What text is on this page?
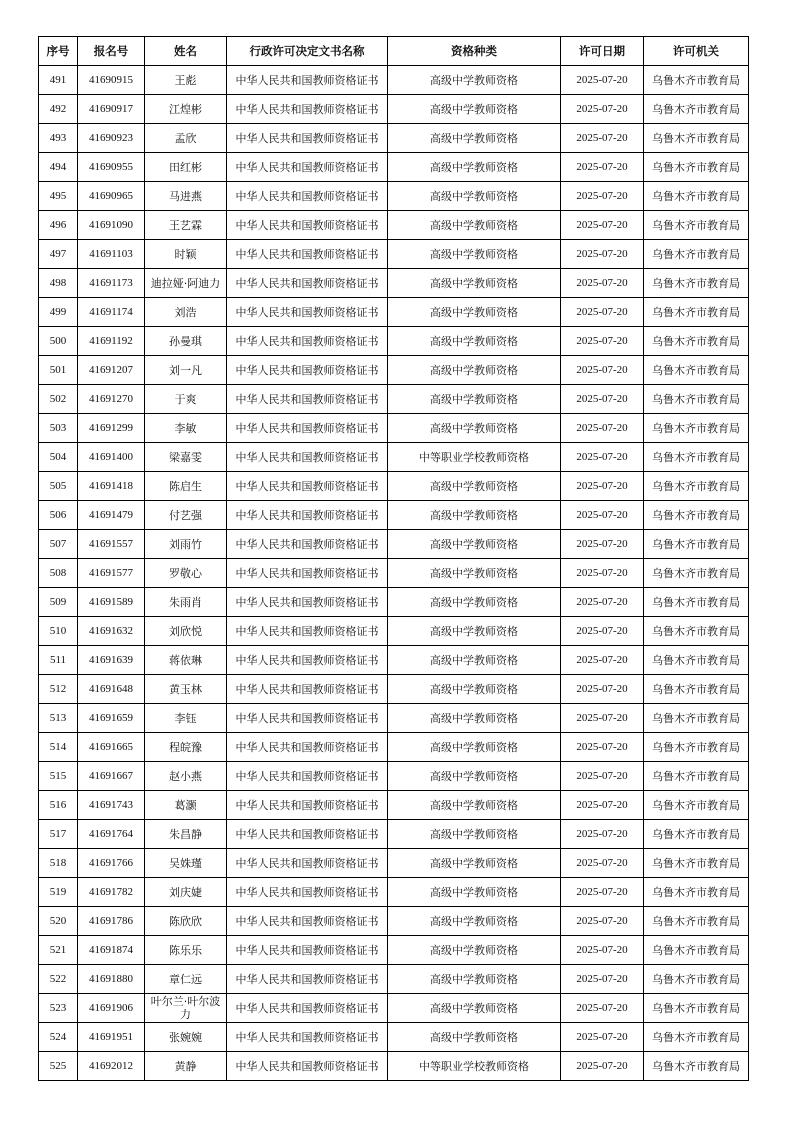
序号	报名号	姓名	行政许可决定文书名称	资格种类	许可日期	许可机关
491	41690915	王彪	中华人民共和国教师资格证书	高级中学教师资格	2025-07-20	乌鲁木齐市教育局
492	41690917	江煌彬	中华人民共和国教师资格证书	高级中学教师资格	2025-07-20	乌鲁木齐市教育局
493	41690923	孟欣	中华人民共和国教师资格证书	高级中学教师资格	2025-07-20	乌鲁木齐市教育局
494	41690955	田红彬	中华人民共和国教师资格证书	高级中学教师资格	2025-07-20	乌鲁木齐市教育局
495	41690965	马进燕	中华人民共和国教师资格证书	高级中学教师资格	2025-07-20	乌鲁木齐市教育局
496	41691090	王艺霖	中华人民共和国教师资格证书	高级中学教师资格	2025-07-20	乌鲁木齐市教育局
497	41691103	时颖	中华人民共和国教师资格证书	高级中学教师资格	2025-07-20	乌鲁木齐市教育局
498	41691173	迪拉娅·阿迪力	中华人民共和国教师资格证书	高级中学教师资格	2025-07-20	乌鲁木齐市教育局
499	41691174	刘浩	中华人民共和国教师资格证书	高级中学教师资格	2025-07-20	乌鲁木齐市教育局
500	41691192	孙曼琪	中华人民共和国教师资格证书	高级中学教师资格	2025-07-20	乌鲁木齐市教育局
501	41691207	刘一凡	中华人民共和国教师资格证书	高级中学教师资格	2025-07-20	乌鲁木齐市教育局
502	41691270	于爽	中华人民共和国教师资格证书	高级中学教师资格	2025-07-20	乌鲁木齐市教育局
503	41691299	李敏	中华人民共和国教师资格证书	高级中学教师资格	2025-07-20	乌鲁木齐市教育局
504	41691400	梁嘉雯	中华人民共和国教师资格证书	中等职业学校教师资格	2025-07-20	乌鲁木齐市教育局
505	41691418	陈启生	中华人民共和国教师资格证书	高级中学教师资格	2025-07-20	乌鲁木齐市教育局
506	41691479	付艺强	中华人民共和国教师资格证书	高级中学教师资格	2025-07-20	乌鲁木齐市教育局
507	41691557	刘雨竹	中华人民共和国教师资格证书	高级中学教师资格	2025-07-20	乌鲁木齐市教育局
508	41691577	罗敬心	中华人民共和国教师资格证书	高级中学教师资格	2025-07-20	乌鲁木齐市教育局
509	41691589	朱雨肖	中华人民共和国教师资格证书	高级中学教师资格	2025-07-20	乌鲁木齐市教育局
510	41691632	刘欣悦	中华人民共和国教师资格证书	高级中学教师资格	2025-07-20	乌鲁木齐市教育局
511	41691639	蒋依琳	中华人民共和国教师资格证书	高级中学教师资格	2025-07-20	乌鲁木齐市教育局
512	41691648	黄玉林	中华人民共和国教师资格证书	高级中学教师资格	2025-07-20	乌鲁木齐市教育局
513	41691659	李钰	中华人民共和国教师资格证书	高级中学教师资格	2025-07-20	乌鲁木齐市教育局
514	41691665	程皖豫	中华人民共和国教师资格证书	高级中学教师资格	2025-07-20	乌鲁木齐市教育局
515	41691667	赵小燕	中华人民共和国教师资格证书	高级中学教师资格	2025-07-20	乌鲁木齐市教育局
516	41691743	葛灏	中华人民共和国教师资格证书	高级中学教师资格	2025-07-20	乌鲁木齐市教育局
517	41691764	朱昌静	中华人民共和国教师资格证书	高级中学教师资格	2025-07-20	乌鲁木齐市教育局
518	41691766	吴姝瑾	中华人民共和国教师资格证书	高级中学教师资格	2025-07-20	乌鲁木齐市教育局
519	41691782	刘庆婕	中华人民共和国教师资格证书	高级中学教师资格	2025-07-20	乌鲁木齐市教育局
520	41691786	陈欣欣	中华人民共和国教师资格证书	高级中学教师资格	2025-07-20	乌鲁木齐市教育局
521	41691874	陈乐乐	中华人民共和国教师资格证书	高级中学教师资格	2025-07-20	乌鲁木齐市教育局
522	41691880	章仁远	中华人民共和国教师资格证书	高级中学教师资格	2025-07-20	乌鲁木齐市教育局
523	41691906	叶尔兰·叶尔波力	中华人民共和国教师资格证书	高级中学教师资格	2025-07-20	乌鲁木齐市教育局
524	41691951	张婉婉	中华人民共和国教师资格证书	高级中学教师资格	2025-07-20	乌鲁木齐市教育局
525	41692012	黄静	中华人民共和国教师资格证书	中等职业学校教师资格	2025-07-20	乌鲁木齐市教育局
